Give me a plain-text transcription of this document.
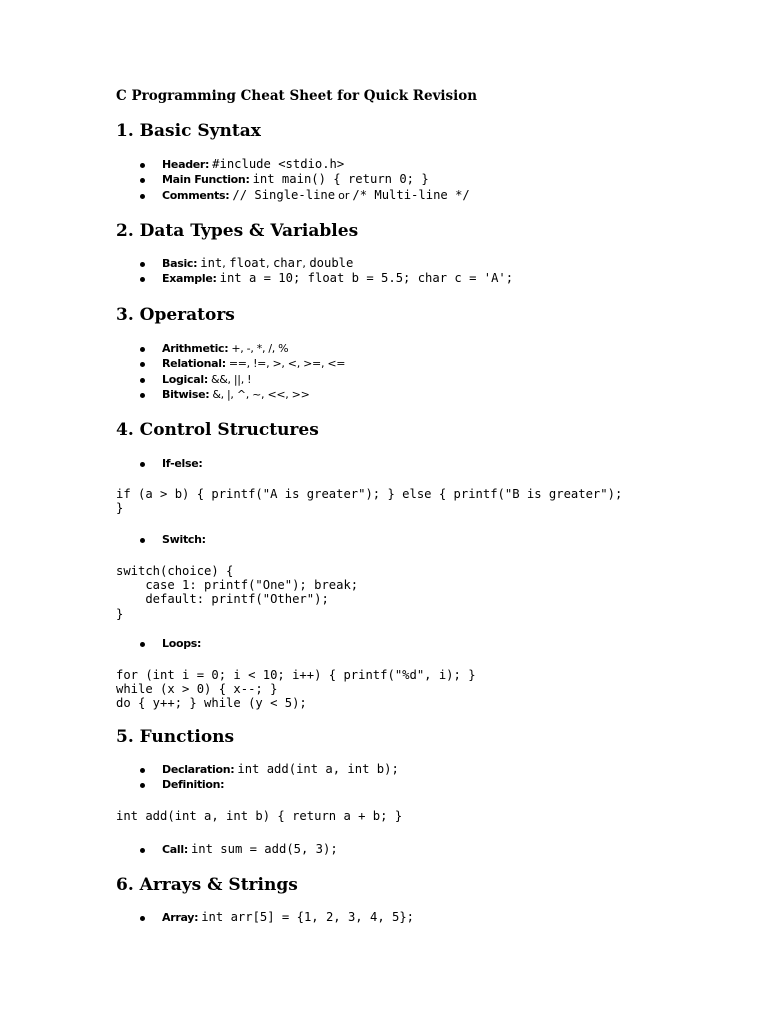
C Programming Cheat Sheet for Quick Revision
1. Basic Syntax
Header: #include <stdio.h>
Main Function: int main() { return 0; }
Comments: // Single-line or /* Multi-line */
2. Data Types & Variables
Basic: int, float, char, double
Example: int a = 10; float b = 5.5; char c = 'A';
3. Operators
Arithmetic: +, -, *, /, %
Relational: ==, !=, >, <, >=, <=
Logical: &&, ||, !
Bitwise: &, |, ^, ~, <<, >>
4. Control Structures
If-else:
if (a > b) { printf("A is greater"); } else { printf("B is greater");
}
Switch:
switch(choice) {
case 1: printf("One"); break;
default: printf("Other");
}
Loops:
for (int i = 0; i < 10; i++) { printf("%d", i); }
while (x > 0) { x--; }
do { y++; } while (y < 5);
5. Functions
Declaration: int add(int a, int b);
Definition:
int add(int a, int b) { return a + b; }
Call: int sum = add(5, 3);
6. Arrays & Strings
Array: int arr[5] = {1, 2, 3, 4, 5};
